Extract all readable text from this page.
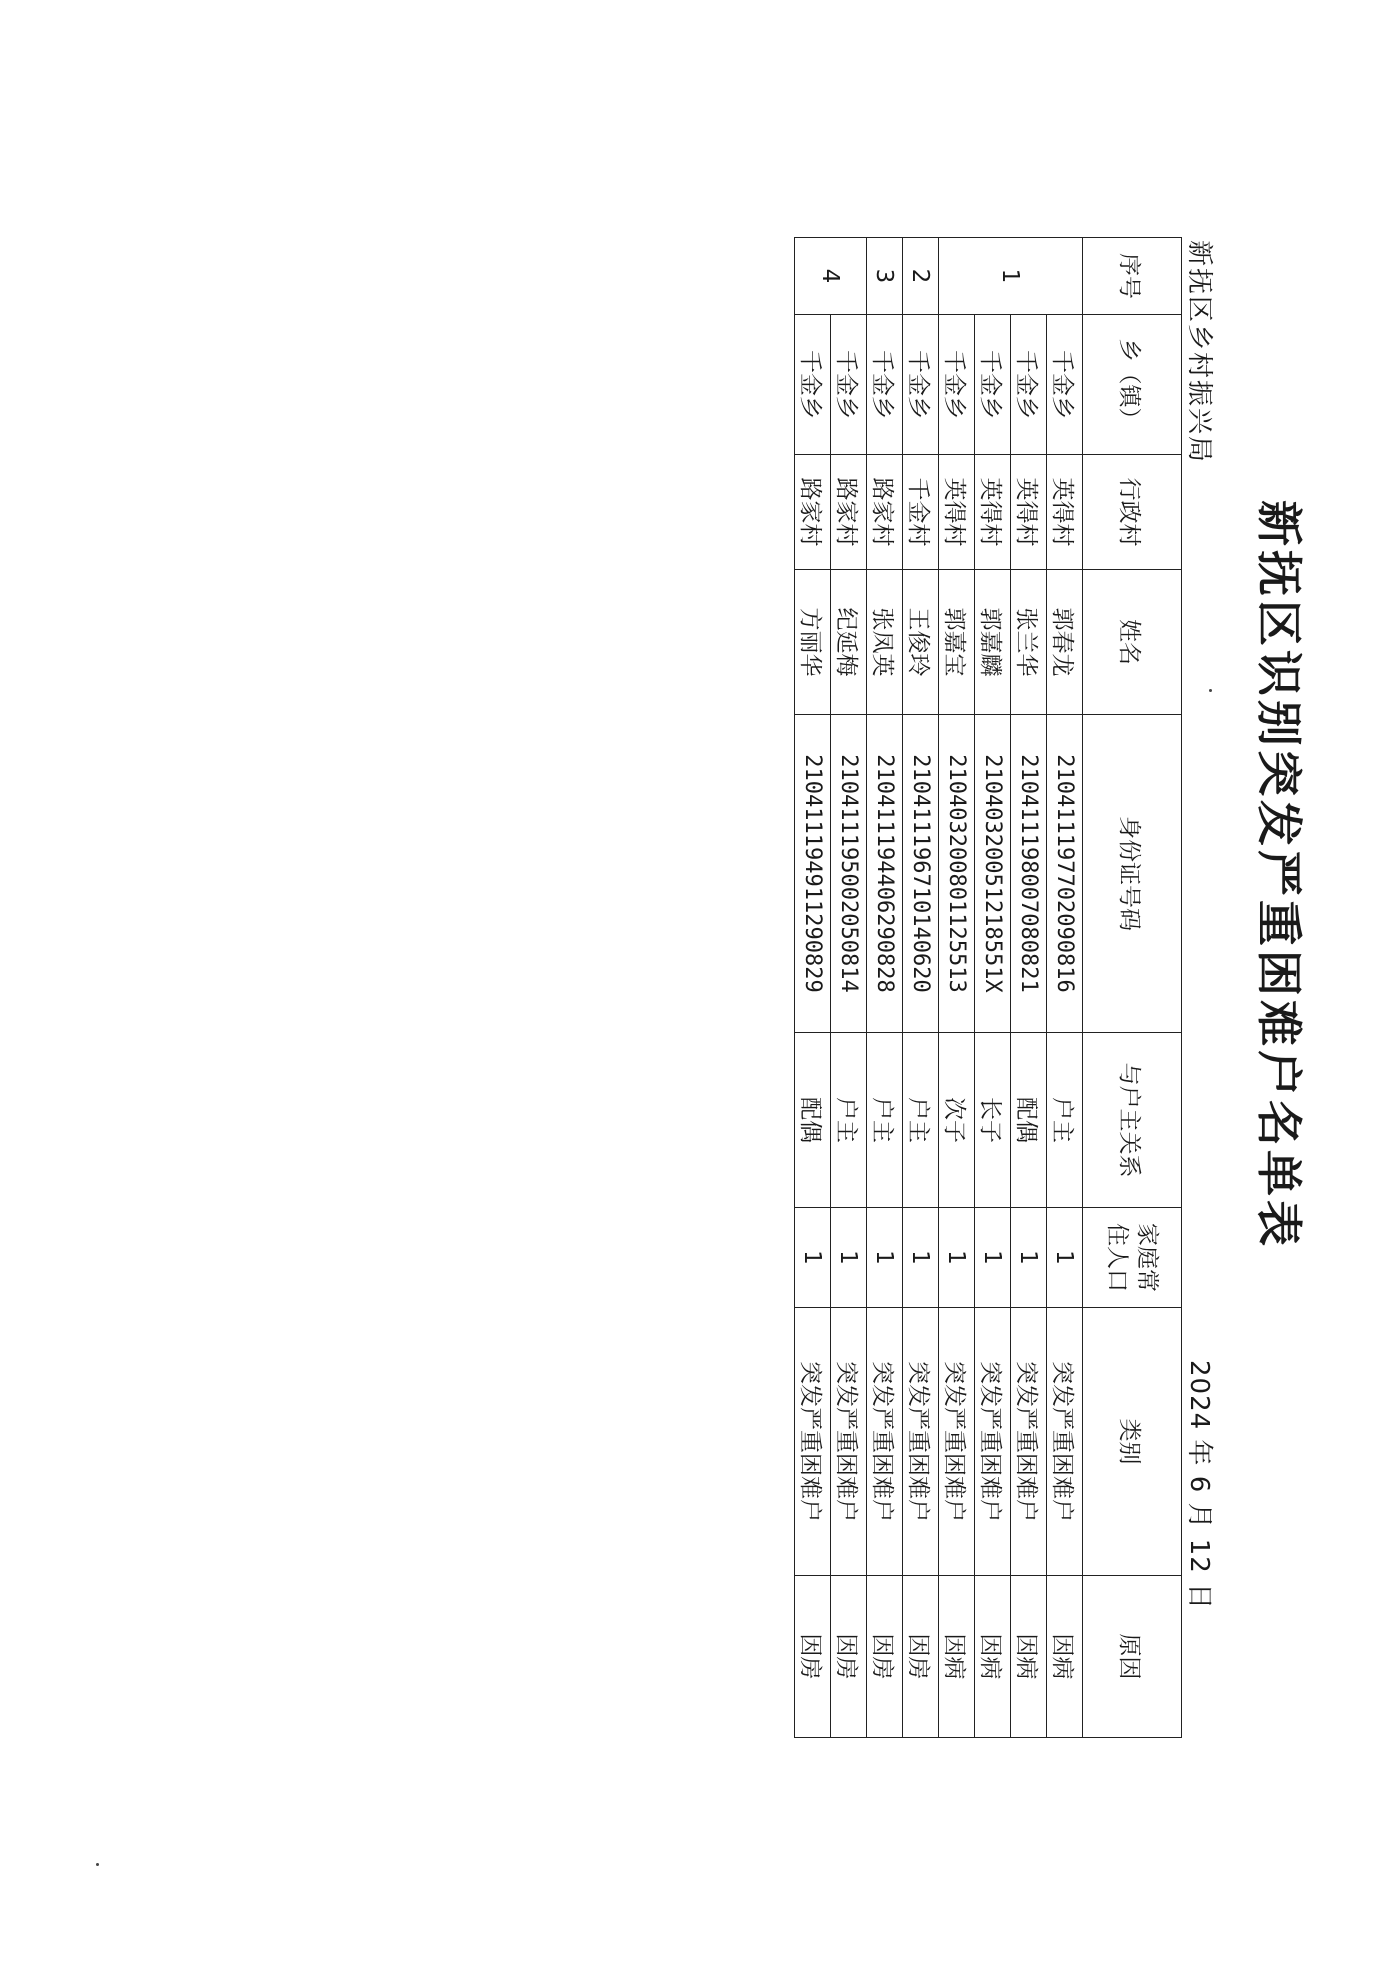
新抚区识别突发严重困难户名单表
新抚区乡村振兴局
2024 年 6 月 12 日
序号	乡（镇）	行政村	姓名	身份证号码	与户主关系	家庭常住人口	类别	原因
1	千金乡	英得村	郭春龙	210411197702090816	户主	1	突发严重困难户	因病
	千金乡	英得村	张兰华	210411198007080821	配偶	1	突发严重困难户	因病
	千金乡	英得村	郭嘉麟	21040320051218551X	长子	1	突发严重困难户	因病
	千金乡	英得村	郭嘉宝	210403200801125513	次子	1	突发严重困难户	因病
2	千金乡	千金村	王俊玲	210411196710140620	户主	1	突发严重困难户	因房
3	千金乡	路家村	张凤英	210411194406290828	户主	1	突发严重困难户	因房
4	千金乡	路家村	纪延梅	210411195002050814	户主	1	突发严重困难户	因房
	千金乡	路家村	方丽华	210411194911290829	配偶	1	突发严重困难户	因房
